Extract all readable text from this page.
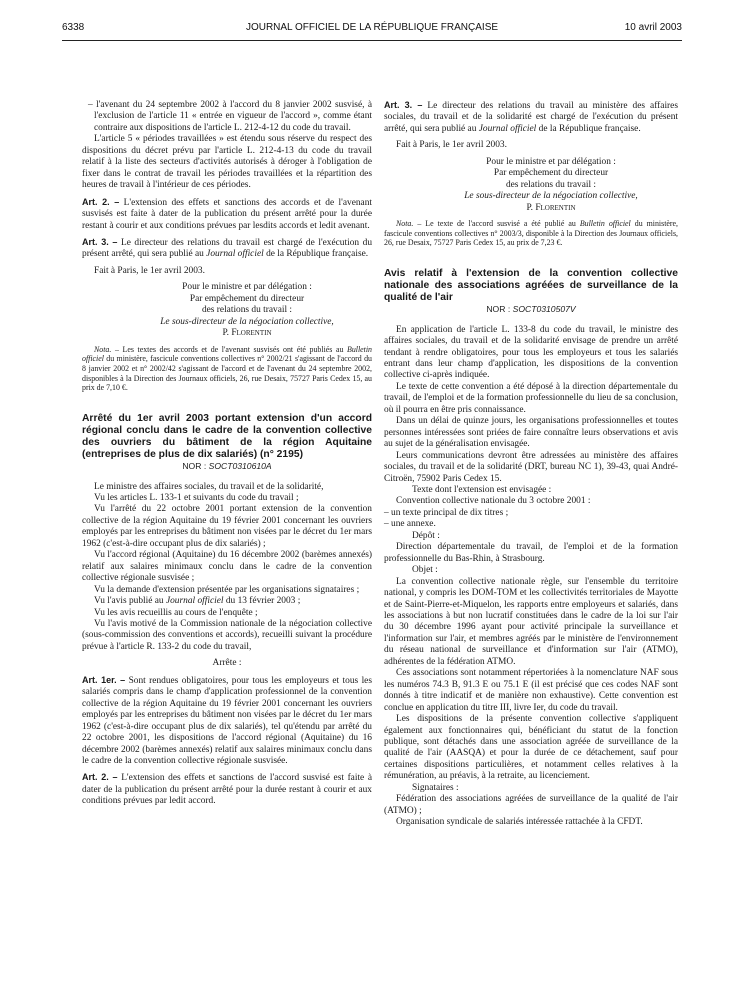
6338	JOURNAL OFFICIEL DE LA RÉPUBLIQUE FRANÇAISE	10 avril 2003

– l'avenant du 24 septembre 2002 à l'accord du 8 janvier 2002 susvisé, à l'exclusion de l'article 11 « entrée en vigueur de l'accord », comme étant contraire aux dispositions de l'article L. 212-4-12 du code du travail.

L'article 5 « périodes travaillées » est étendu sous réserve du respect des dispositions du décret prévu par l'article L. 212-4-13 du code du travail relatif à la liste des secteurs d'activités autorisés à déroger à l'obligation de fixer dans le contrat de travail les périodes travaillées et la répartition des heures de travail à l'intérieur de ces périodes.

Art. 2. – L'extension des effets et sanctions des accords et de l'avenant susvisés est faite à dater de la publication du présent arrêté pour la durée restant à courir et aux conditions prévues par lesdits accords et ledit avenant.

Art. 3. – Le directeur des relations du travail est chargé de l'exécution du présent arrêté, qui sera publié au Journal officiel de la République française.

Fait à Paris, le 1er avril 2003.

Pour le ministre et par délégation :

Par empêchement du directeur

des relations du travail :

Le sous-directeur de la négociation collective,

P. Florentin

Nota. – Les textes des accords et de l'avenant susvisés ont été publiés au Bulletin officiel du ministère, fascicule conventions collectives n° 2002/21 s'agissant de l'accord du 8 janvier 2002 et n° 2002/42 s'agissant de l'accord et de l'avenant du 24 septembre 2002, disponibles à la Direction des Journaux officiels, 26, rue Desaix, 75727 Paris Cedex 15, au prix de 7,10 €.

Arrêté du 1er avril 2003 portant extension d'un accord régional conclu dans le cadre de la convention collective des ouvriers du bâtiment de la région Aquitaine (entreprises de plus de dix salariés) (n° 2195)

NOR : SOCT0310610A

Le ministre des affaires sociales, du travail et de la solidarité,

Vu les articles L. 133-1 et suivants du code du travail ;

Vu l'arrêté du 22 octobre 2001 portant extension de la convention collective de la région Aquitaine du 19 février 2001 concernant les ouvriers employés par les entreprises du bâtiment non visées par le décret du 1er mars 1962 (c'est-à-dire occupant plus de dix salariés) ;

Vu l'accord régional (Aquitaine) du 16 décembre 2002 (barèmes annexés) relatif aux salaires minimaux conclu dans le cadre de la convention collective régionale susvisée ;

Vu la demande d'extension présentée par les organisations signataires ;

Vu l'avis publié au Journal officiel du 13 février 2003 ;

Vu les avis recueillis au cours de l'enquête ;

Vu l'avis motivé de la Commission nationale de la négociation collective (sous-commission des conventions et accords), recueilli suivant la procédure prévue à l'article R. 133-2 du code du travail,

Arrête :

Art. 1er. – Sont rendues obligatoires, pour tous les employeurs et tous les salariés compris dans le champ d'application professionnel de la convention collective de la région Aquitaine du 19 février 2001 concernant les ouvriers employés par les entreprises du bâtiment non visées par le décret du 1er mars 1962 (c'est-à-dire occupant plus de dix salariés), tel qu'étendu par arrêté du 22 octobre 2001, les dispositions de l'accord régional (Aquitaine) du 16 décembre 2002 (barèmes annexés) relatif aux salaires minimaux conclu dans le cadre de la convention collective régionale susvisée.

Art. 2. – L'extension des effets et sanctions de l'accord susvisé est faite à dater de la publication du présent arrêté pour la durée restant à courir et aux conditions prévues par ledit accord.

Art. 3. – Le directeur des relations du travail au ministère des affaires sociales, du travail et de la solidarité est chargé de l'exécution du présent arrêté, qui sera publié au Journal officiel de la République française.

Fait à Paris, le 1er avril 2003.

Pour le ministre et par délégation :

Par empêchement du directeur

des relations du travail :

Le sous-directeur de la négociation collective,

P. Florentin

Nota. – Le texte de l'accord susvisé a été publié au Bulletin officiel du ministère, fascicule conventions collectives n° 2003/3, disponible à la Direction des Journaux officiels, 26, rue Desaix, 75727 Paris Cedex 15, au prix de 7,23 €.

Avis relatif à l'extension de la convention collective nationale des associations agréées de surveillance de la qualité de l'air

NOR : SOCT0310507V

En application de l'article L. 133-8 du code du travail, le ministre des affaires sociales, du travail et de la solidarité envisage de prendre un arrêté tendant à rendre obligatoires, pour tous les employeurs et tous les salariés entrant dans leur champ d'application, les dispositions de la convention collective ci-après indiquée.

Le texte de cette convention a été déposé à la direction départementale du travail, de l'emploi et de la formation professionnelle du lieu de sa conclusion, où il pourra en être pris connaissance.

Dans un délai de quinze jours, les organisations professionnelles et toutes personnes intéressées sont priées de faire connaître leurs observations et avis au sujet de la généralisation envisagée.

Leurs communications devront être adressées au ministère des affaires sociales, du travail et de la solidarité (DRT, bureau NC 1), 39-43, quai André-Citroën, 75902 Paris Cedex 15.

Texte dont l'extension est envisagée :

Convention collective nationale du 3 octobre 2001 :

– un texte principal de dix titres ;

– une annexe.

Dépôt :

Direction départementale du travail, de l'emploi et de la formation professionnelle du Bas-Rhin, à Strasbourg.

Objet :

La convention collective nationale règle, sur l'ensemble du territoire national, y compris les DOM-TOM et les collectivités territoriales de Mayotte et de Saint-Pierre-et-Miquelon, les rapports entre employeurs et salariés, dans les associations à but non lucratif constituées dans le cadre de la loi sur l'air du 30 décembre 1996 ayant pour activité principale la surveillance et l'information sur l'air, et membres agréés par le ministère de l'environnement du réseau national de surveillance et d'information sur l'air (ATMO), adhérentes de la fédération ATMO.

Ces associations sont notamment répertoriées à la nomenclature NAF sous les numéros 74.3 B, 91.3 E ou 75.1 E (il est précisé que ces codes NAF sont donnés à titre indicatif et de manière non exhaustive). Cette convention est conclue en application du titre III, livre Ier, du code du travail.

Les dispositions de la présente convention collective s'appliquent également aux fonctionnaires qui, bénéficiant du statut de la fonction publique, sont détachés dans une association agréée de surveillance de la qualité de l'air (AASQA) et pour la durée de ce détachement, sauf pour certaines dispositions particulières, et notamment celles relatives à la rémunération, au préavis, à la retraite, au licenciement.

Signataires :

Fédération des associations agréées de surveillance de la qualité de l'air (ATMO) ;

Organisation syndicale de salariés intéressée rattachée à la CFDT.
